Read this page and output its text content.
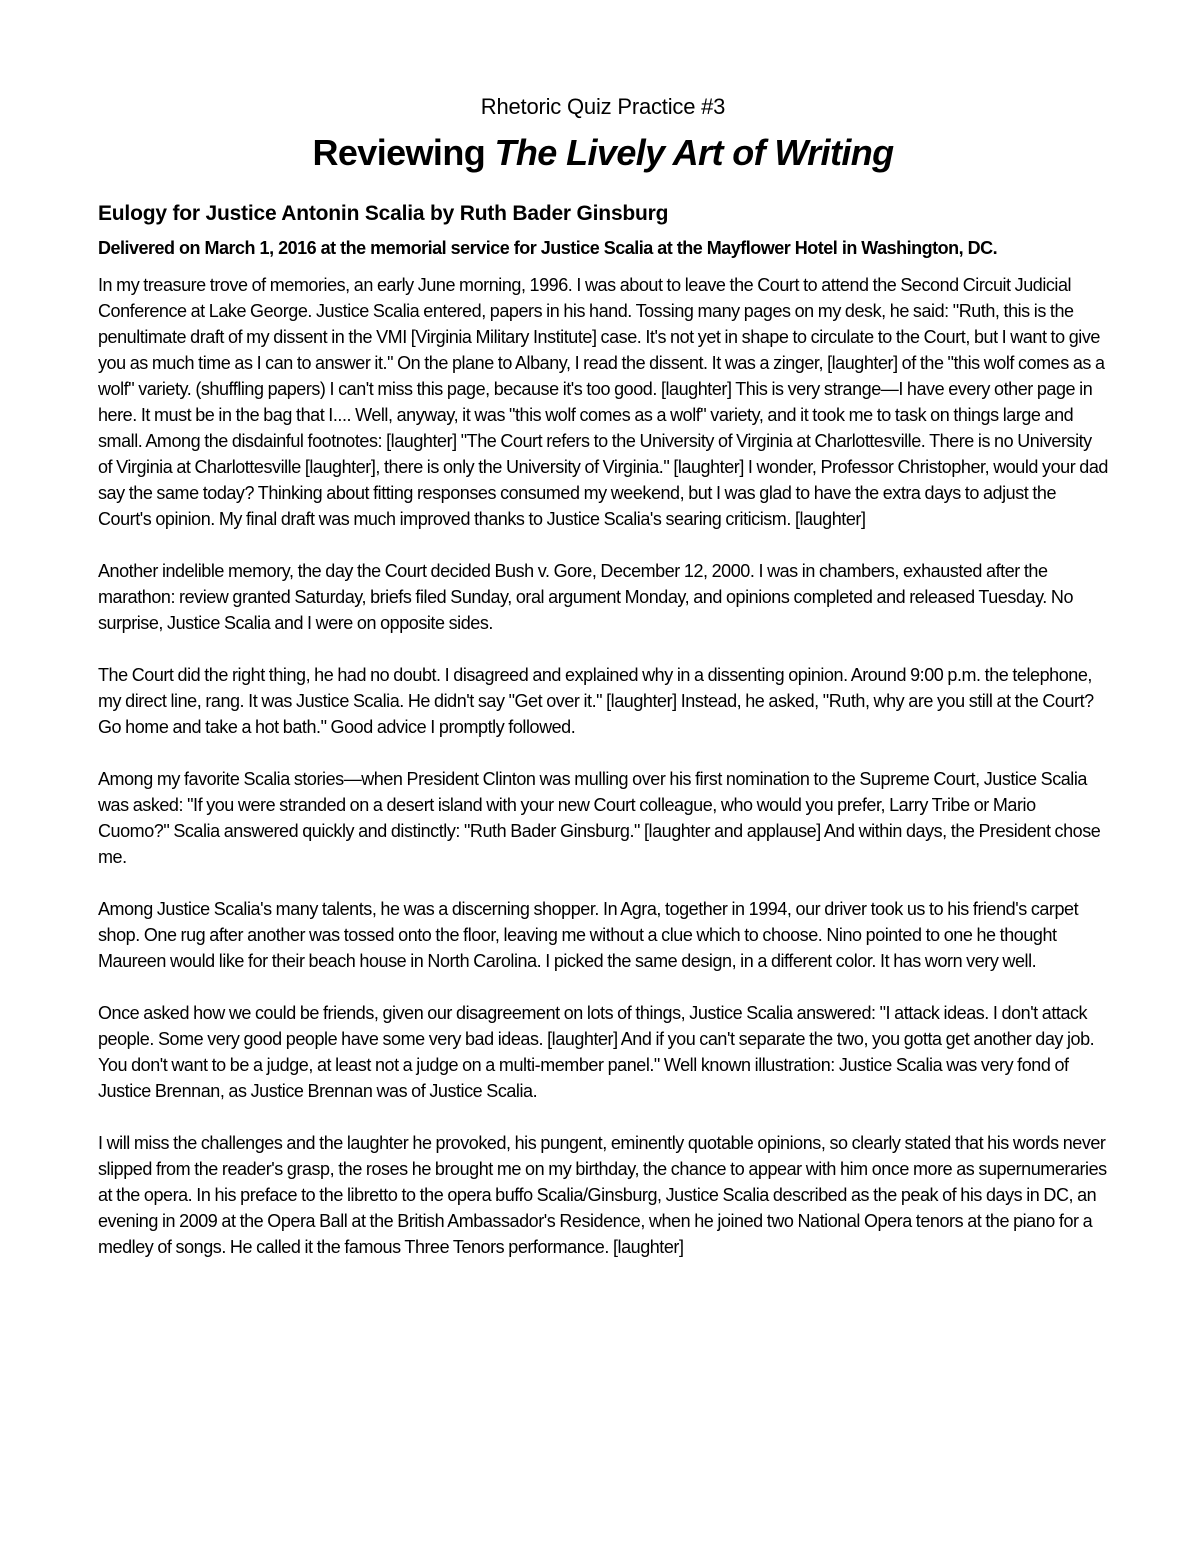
Rhetoric Quiz Practice #3

Reviewing The Lively Art of Writing
Eulogy for Justice Antonin Scalia by Ruth Bader Ginsburg

Delivered on March 1, 2016 at the memorial service for Justice Scalia at the Mayflower Hotel in Washington, DC.

In my treasure trove of memories, an early June morning, 1996. I was about to leave the Court to attend the Second Circuit Judicial Conference at Lake George. Justice Scalia entered, papers in his hand. Tossing many pages on my desk, he said: "Ruth, this is the penultimate draft of my dissent in the VMI [Virginia Military Institute] case. It's not yet in shape to circulate to the Court, but I want to give you as much time as I can to answer it." On the plane to Albany, I read the dissent. It was a zinger, [laughter] of the "this wolf comes as a wolf" variety. (shuffling papers) I can't miss this page, because it's too good. [laughter] This is very strange—I have every other page in here. It must be in the bag that I.... Well, anyway, it was "this wolf comes as a wolf" variety, and it took me to task on things large and small. Among the disdainful footnotes: [laughter] "The Court refers to the University of Virginia at Charlottesville. There is no University of Virginia at Charlottesville [laughter], there is only the University of Virginia." [laughter] I wonder, Professor Christopher, would your dad say the same today? Thinking about fitting responses consumed my weekend, but I was glad to have the extra days to adjust the Court's opinion. My final draft was much improved thanks to Justice Scalia's searing criticism. [laughter]

Another indelible memory, the day the Court decided Bush v. Gore, December 12, 2000. I was in chambers, exhausted after the marathon: review granted Saturday, briefs filed Sunday, oral argument Monday, and opinions completed and released Tuesday. No surprise, Justice Scalia and I were on opposite sides.

The Court did the right thing, he had no doubt. I disagreed and explained why in a dissenting opinion. Around 9:00 p.m. the telephone, my direct line, rang. It was Justice Scalia. He didn't say "Get over it." [laughter] Instead, he asked, "Ruth, why are you still at the Court? Go home and take a hot bath." Good advice I promptly followed.

Among my favorite Scalia stories—when President Clinton was mulling over his first nomination to the Supreme Court, Justice Scalia was asked: "If you were stranded on a desert island with your new Court colleague, who would you prefer, Larry Tribe or Mario Cuomo?" Scalia answered quickly and distinctly: "Ruth Bader Ginsburg." [laughter and applause] And within days, the President chose me.

Among Justice Scalia's many talents, he was a discerning shopper. In Agra, together in 1994, our driver took us to his friend's carpet shop. One rug after another was tossed onto the floor, leaving me without a clue which to choose. Nino pointed to one he thought Maureen would like for their beach house in North Carolina. I picked the same design, in a different color. It has worn very well.

Once asked how we could be friends, given our disagreement on lots of things, Justice Scalia answered: "I attack ideas. I don't attack people. Some very good people have some very bad ideas. [laughter] And if you can't separate the two, you gotta get another day job. You don't want to be a judge, at least not a judge on a multi-member panel." Well known illustration: Justice Scalia was very fond of Justice Brennan, as Justice Brennan was of Justice Scalia.

I will miss the challenges and the laughter he provoked, his pungent, eminently quotable opinions, so clearly stated that his words never slipped from the reader's grasp, the roses he brought me on my birthday, the chance to appear with him once more as supernumeraries at the opera. In his preface to the libretto to the opera buffo Scalia/Ginsburg, Justice Scalia described as the peak of his days in DC, an evening in 2009 at the Opera Ball at the British Ambassador's Residence, when he joined two National Opera tenors at the piano for a medley of songs. He called it the famous Three Tenors performance. [laughter]
